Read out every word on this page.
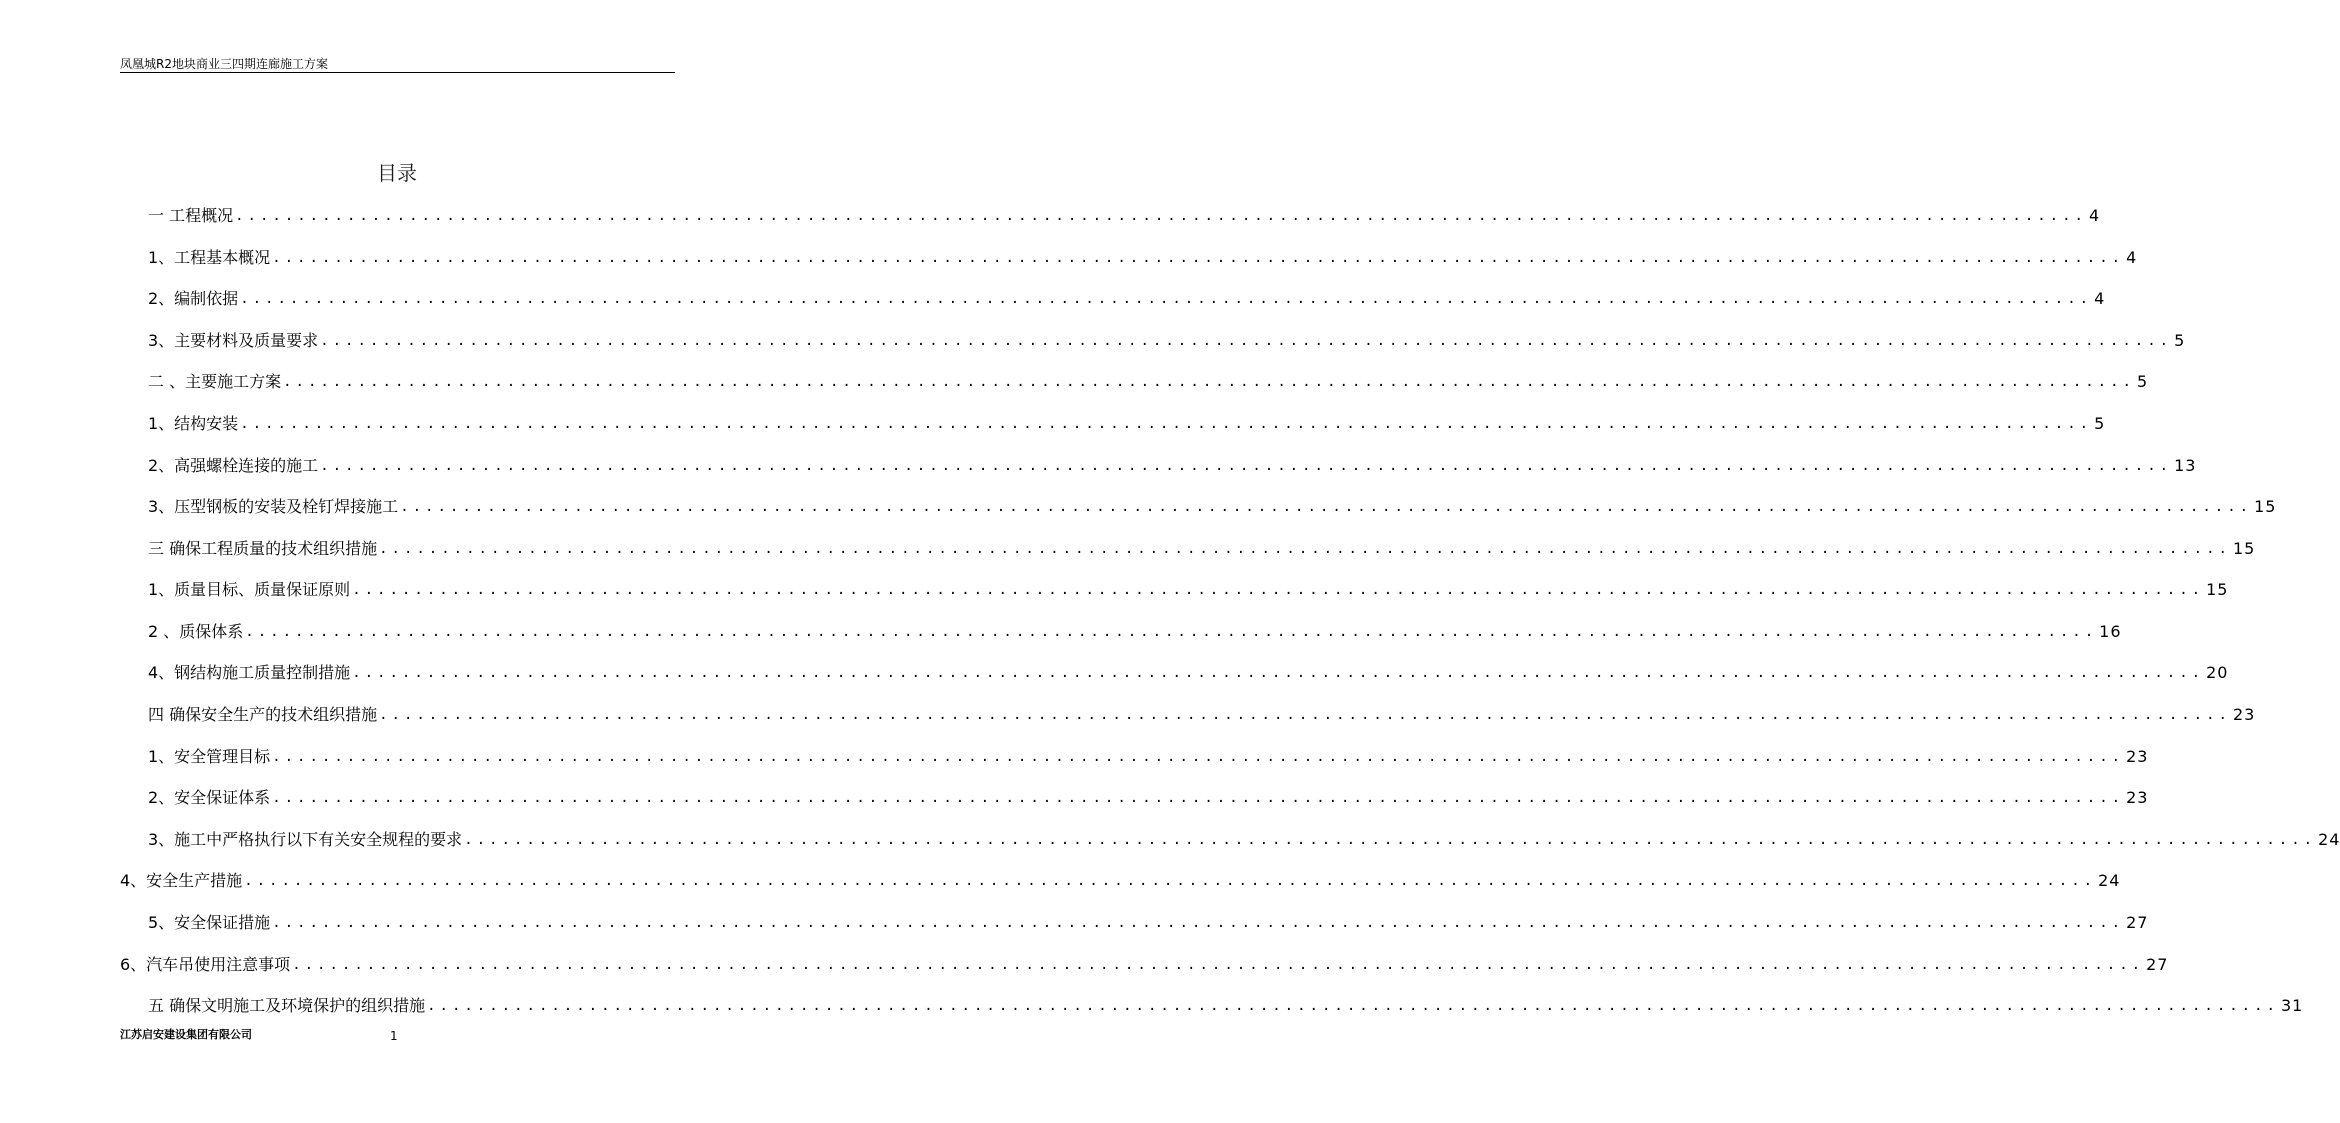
凤凰城R2地块商业三四期连廊施工方案
目录
一 工程概况 ..................................................................................................................................................... 4
1、工程基本概况 ..................................................................................................................................................... 4
2、编制依据 ..................................................................................................................................................... 4
3、主要材料及质量要求 ..................................................................................................................................................... 5
二 、主要施工方案 ..................................................................................................................................................... 5
1、结构安装 ..................................................................................................................................................... 5
2、高强螺栓连接的施工 ..................................................................................................................................................... 13
3、压型钢板的安装及栓钉焊接施工 ..................................................................................................................................................... 15
三 确保工程质量的技术组织措施 ..................................................................................................................................................... 15
1、质量目标、质量保证原则 ..................................................................................................................................................... 15
2 、质保体系 ..................................................................................................................................................... 16
4、钢结构施工质量控制措施 ..................................................................................................................................................... 20
四 确保安全生产的技术组织措施 ..................................................................................................................................................... 23
1、安全管理目标 ..................................................................................................................................................... 23
2、安全保证体系 ..................................................................................................................................................... 23
3、施工中严格执行以下有关安全规程的要求 ..................................................................................................................................................... 24
4、安全生产措施 ..................................................................................................................................................... 24
5、安全保证措施 ..................................................................................................................................................... 27
6、汽车吊使用注意事项 ..................................................................................................................................................... 27
五 确保文明施工及环境保护的组织措施 ..................................................................................................................................................... 31
江苏启安建设集团有限公司	1
